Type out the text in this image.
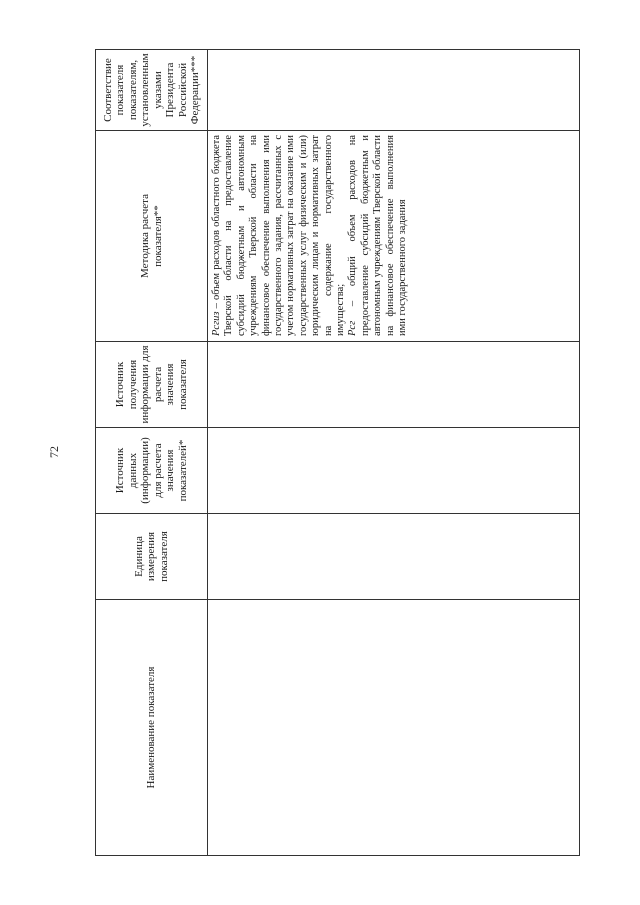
72
Наименование показателя	Единица измерения показателя	Источник данных (информации) для расчета значения показателей*	Источник получения информации для расчета значения показателя	Методика расчета показателя**	Соответствие показателя показателям, установленным указами Президента Российской Федерации***

				Рсгиз – объем расходов областного бюджета Тверской области на предоставление субсидий бюджетным и автономным учреждениям Тверской области на финансовое обеспечение выполнения ими государственного задания, рассчитанных с учетом нормативных затрат на оказание ими государственных услуг физическим и (или) юридическим лицам и нормативных затрат на содержание государственного имущества; Рсг – общий объем расходов на предоставление субсидий бюджетным и автономным учреждениям Тверской области на финансовое обеспечение выполнения ими государственного задания	
